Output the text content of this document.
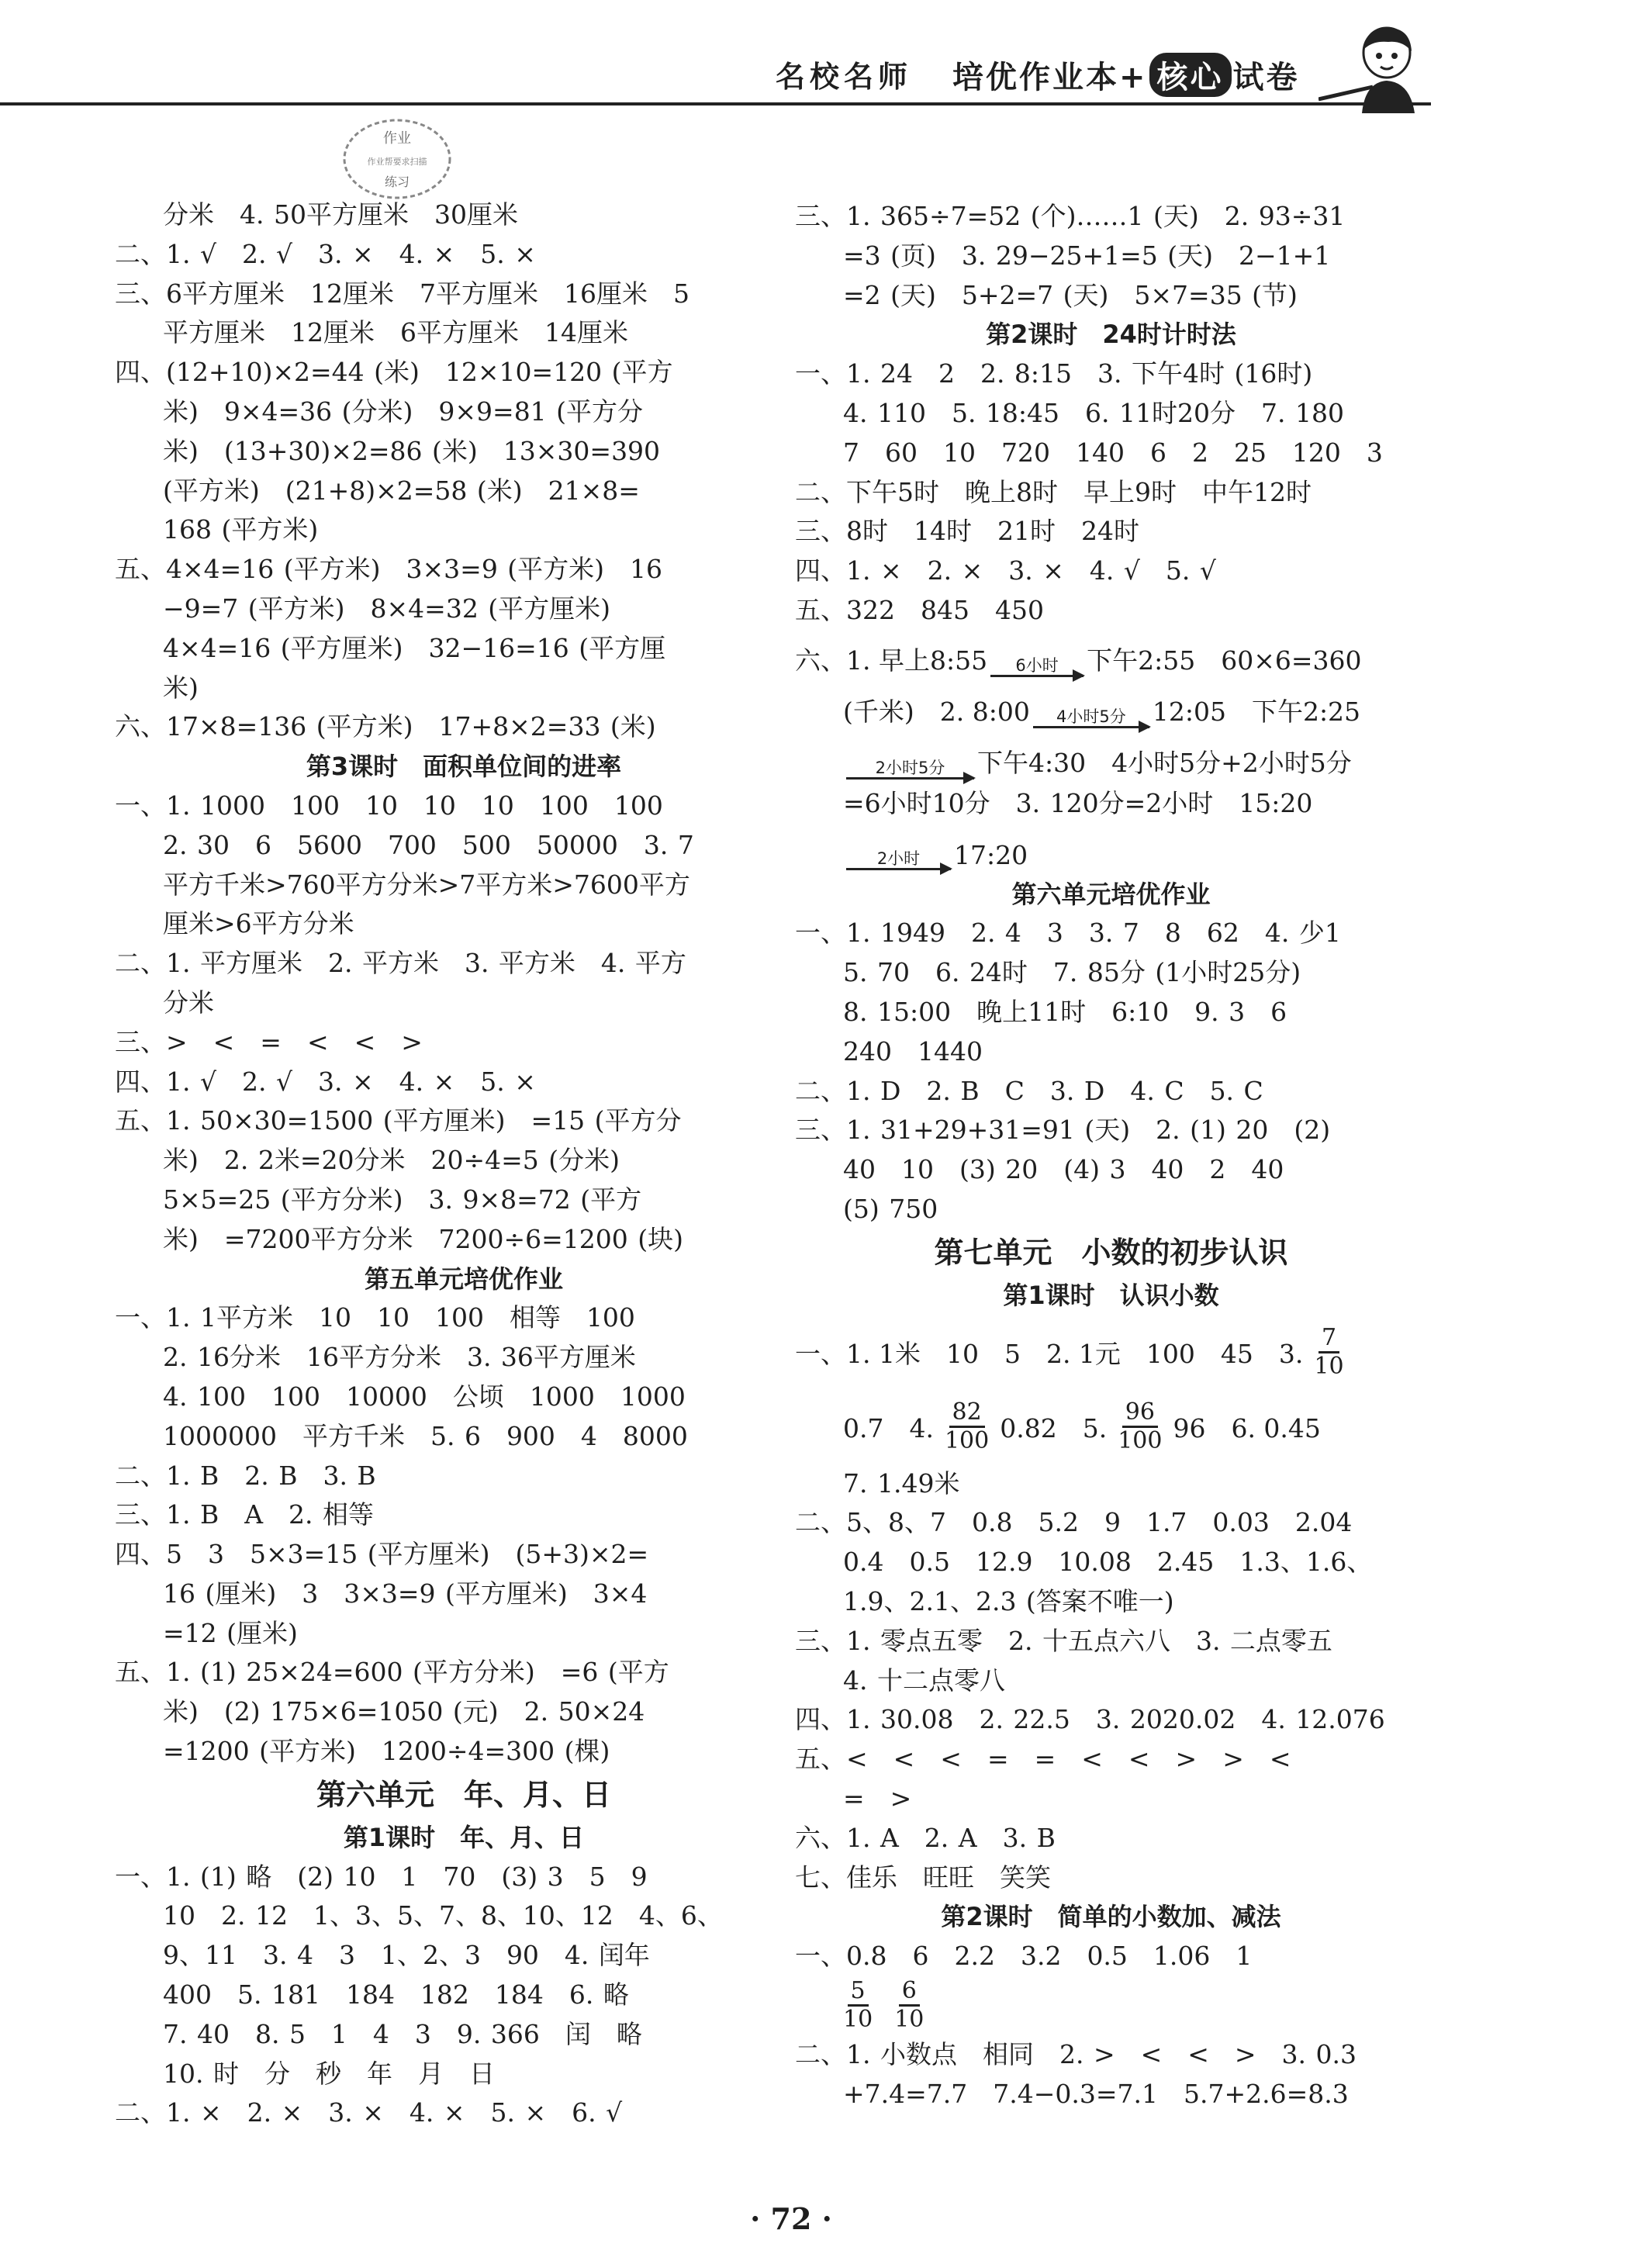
名校名师 培优作业本+ 核心 试卷
作业
作业帮要求扫描
练习
分米　4. 50平方厘米　30厘米
二、1. √　2. √　3. ×　4. ×　5. ×
三、6平方厘米　12厘米　7平方厘米　16厘米　5
平方厘米　12厘米　6平方厘米　14厘米
四、(12+10)×2=44 (米)　12×10=120 (平方
米)　9×4=36 (分米)　9×9=81 (平方分
米)　(13+30)×2=86 (米)　13×30=390
(平方米)　(21+8)×2=58 (米)　21×8=
168 (平方米)
五、4×4=16 (平方米)　3×3=9 (平方米)　16
−9=7 (平方米)　8×4=32 (平方厘米)
4×4=16 (平方厘米)　32−16=16 (平方厘
米)
六、17×8=136 (平方米)　17+8×2=33 (米)
第3课时　面积单位间的进率
一、1. 1000　100　10　10　10　100　100
2. 30　6　5600　700　500　50000　3. 7
平方千米>760平方分米>7平方米>7600平方
厘米>6平方分米
二、1. 平方厘米　2. 平方米　3. 平方米　4. 平方
分米
三、>　<　=　<　<　>
四、1. √　2. √　3. ×　4. ×　5. ×
五、1. 50×30=1500 (平方厘米)　=15 (平方分
米)　2. 2米=20分米　20÷4=5 (分米)
5×5=25 (平方分米)　3. 9×8=72 (平方
米)　=7200平方分米　7200÷6=1200 (块)
第五单元培优作业
一、1. 1平方米　10　10　100　相等　100
2. 16分米　16平方分米　3. 36平方厘米
4. 100　100　10000　公顷　1000　1000
1000000　平方千米　5. 6　900　4　8000
二、1. B　2. B　3. B
三、1. B　A　2. 相等
四、5　3　5×3=15 (平方厘米)　(5+3)×2=
16 (厘米)　3　3×3=9 (平方厘米)　3×4
=12 (厘米)
五、1. (1) 25×24=600 (平方分米)　=6 (平方
米)　(2) 175×6=1050 (元)　2. 50×24
=1200 (平方米)　1200÷4=300 (棵)
第六单元　年、月、日
第1课时　年、月、日
一、1. (1) 略　(2) 10　1　70　(3) 3　5　9
10　2. 12　1、3、5、7、8、10、12　4、6、
9、11　3. 4　3　1、2、3　90　4. 闰年
400　5. 181　184　182　184　6. 略
7. 40　8. 5　1　4　3　9. 366　闰　略
10. 时　分　秒　年　月　日
二、1. ×　2. ×　3. ×　4. ×　5. ×　6. √
三、1. 365÷7=52 (个)……1 (天)　2. 93÷31
=3 (页)　3. 29−25+1=5 (天)　2−1+1
=2 (天)　5+2=7 (天)　5×7=35 (节)
第2课时　24时计时法
一、1. 24　2　2. 8:15　3. 下午4时 (16时)
4. 110　5. 18:45　6. 11时20分　7. 180
7　60　10　720　140　6　2　25　120　3
二、下午5时　晚上8时　早上9时　中午12时
三、8时　14时　21时　24时
四、1. ×　2. ×　3. ×　4. √　5. √
五、322　845　450
六、1. 早上8:55 6小时 下午2:55　60×6=360
(千米)　2. 8:00 4小时5分 12:05　下午2:25
2小时5分 下午4:30　4小时5分+2小时5分
=6小时10分　3. 120分=2小时　15:20
2小时 17:20
第六单元培优作业
一、1. 1949　2. 4　3　3. 7　8　62　4. 少1
5. 70　6. 24时　7. 85分 (1小时25分)
8. 15:00　晚上11时　6:10　9. 3　6
240　1440
二、1. D　2. B　C　3. D　4. C　5. C
三、1. 31+29+31=91 (天)　2. (1) 20　(2)
40　10　(3) 20　(4) 3　40　2　40
(5) 750
第七单元　小数的初步认识
第1课时　认识小数
一、1. 1米　10　5　2. 1元　100　45　3. $\frac{7}{10}$
0.7　4. $\frac{82}{100} 0.82$　5. $\frac{96}{100} 96$　6. 0.45
7. 1.49米
二、5、8、7　0.8　5.2　9　1.7　0.03　2.04
0.4　0.5　12.9　10.08　2.45　1.3、1.6、
1.9、2.1、2.3 (答案不唯一)
三、1. 零点五零　2. 十五点六八　3. 二点零五
4. 十二点零八
四、1. 30.08　2. 22.5　3. 2020.02　4. 12.076
五、<　<　<　=　=　<　<　>　>　<
=　>
六、1. A　2. A　3. B
七、佳乐　旺旺　笑笑
第2课时　简单的小数加、减法
一、0.8　6　2.2　3.2　0.5　1.06　1
$\frac{5}{10} \frac{6}{10}$
二、1. 小数点　相同　2. >　<　<　>　3. 0.3
+7.4=7.7　7.4−0.3=7.1　5.7+2.6=8.3
· 72 ·
